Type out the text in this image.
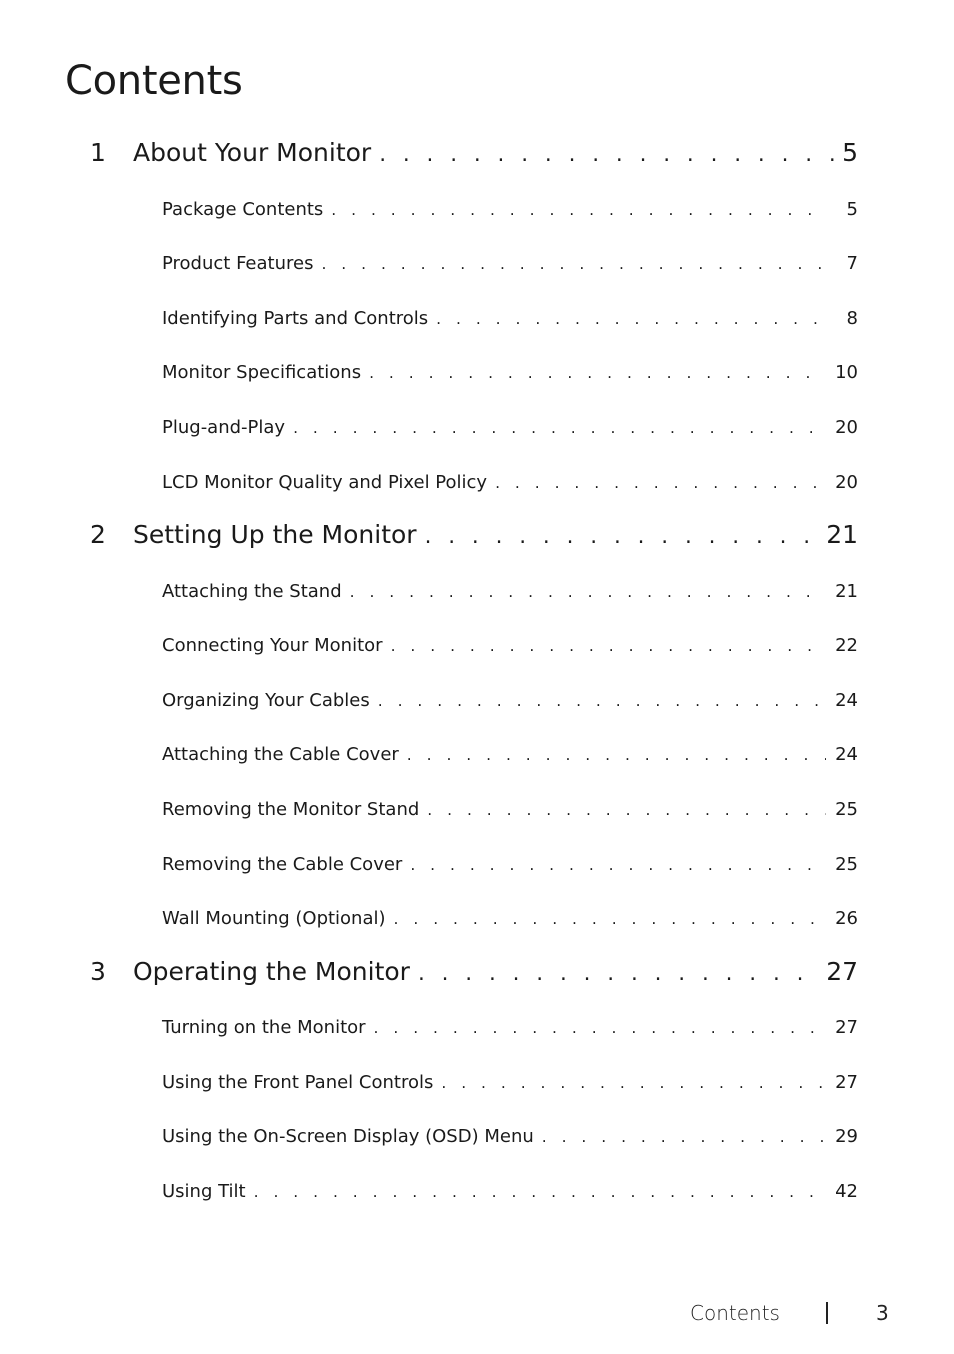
Contents
1	About Your Monitor . . .	5
Package Contents . . .	5
Product Features . . .	7
Identifying Parts and Controls . . .	8
Monitor Specifications . . .	10
Plug-and-Play . . .	20
LCD Monitor Quality and Pixel Policy . . .	20
2	Setting Up the Monitor . . .	21
Attaching the Stand . . .	21
Connecting Your Monitor . . .	22
Organizing Your Cables . . .	24
Attaching the Cable Cover . . .	24
Removing the Monitor Stand . . .	25
Removing the Cable Cover . . .	25
Wall Mounting (Optional) . . .	26
3	Operating the Monitor . . .	27
Turning on the Monitor . . .	27
Using the Front Panel Controls . . .	27
Using the On-Screen Display (OSD) Menu . . .	29
Using Tilt . . .	42
Contents	3
